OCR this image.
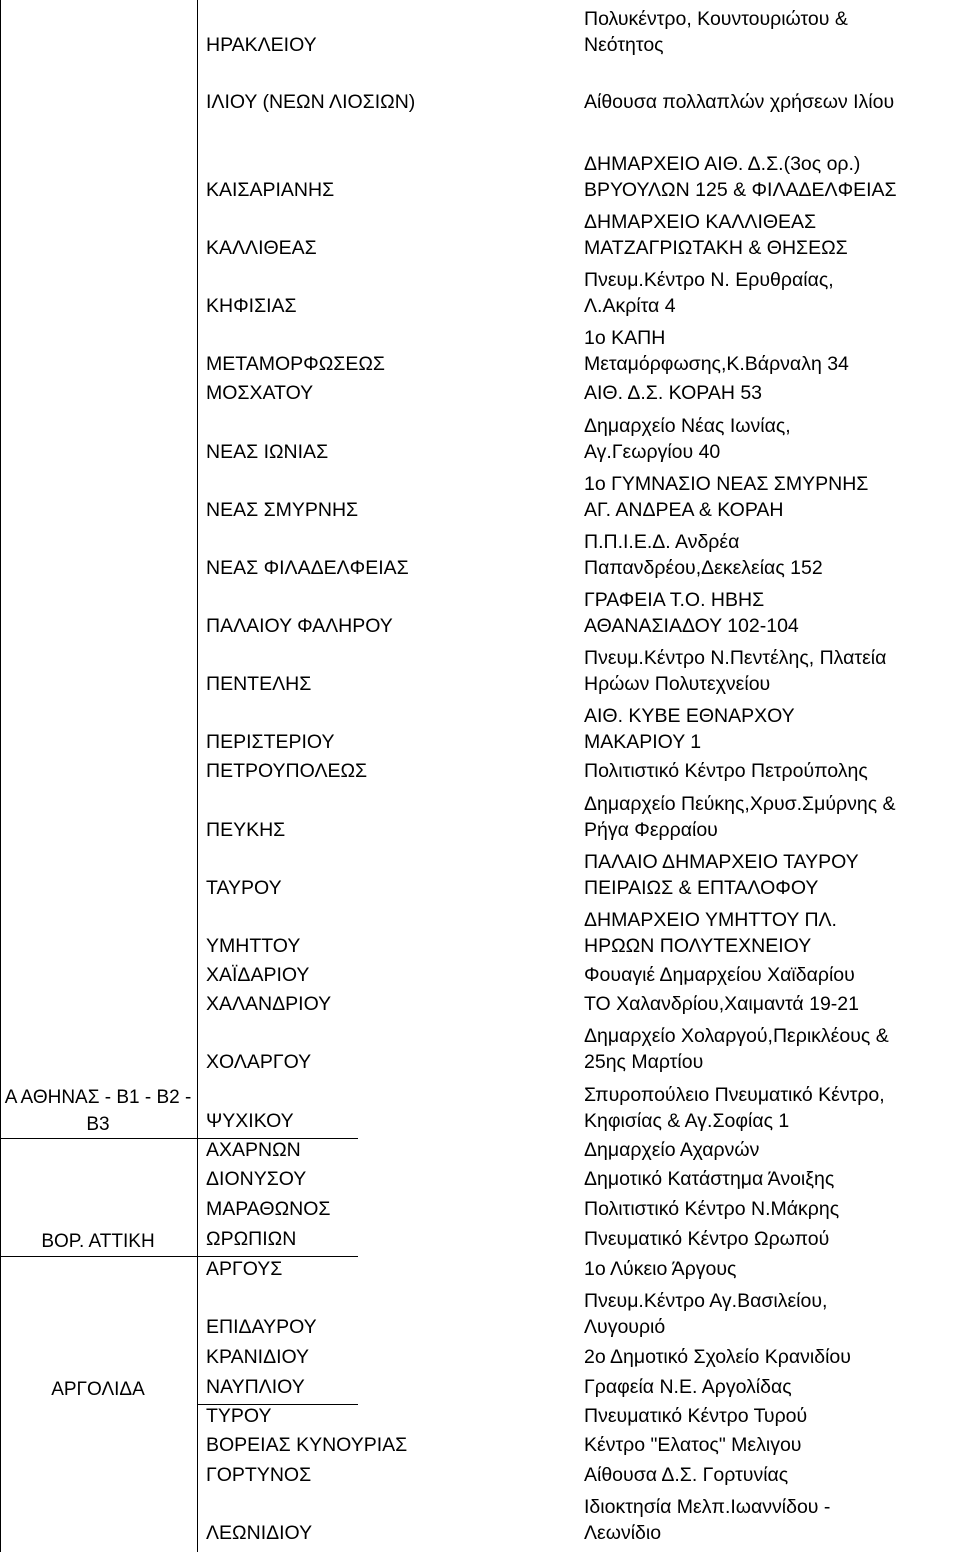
Α ΑΘΗΝΑΣ - Β1 - Β2 - Β3
ΒΟΡ. ΑΤΤΙΚΗ
ΑΡΓΟΛΙΔΑ
ΗΡΑΚΛΕΙΟΥ
ΙΛΙΟΥ (ΝΕΩΝ ΛΙΟΣΙΩΝ)
ΚΑΙΣΑΡΙΑΝΗΣ
ΚΑΛΛΙΘΕΑΣ
ΚΗΦΙΣΙΑΣ
ΜΕΤΑΜΟΡΦΩΣΕΩΣ
ΜΟΣΧΑΤΟΥ
ΝΕΑΣ ΙΩΝΙΑΣ
ΝΕΑΣ ΣΜΥΡΝΗΣ
ΝΕΑΣ ΦΙΛΑΔΕΛΦΕΙΑΣ
ΠΑΛΑΙΟΥ ΦΑΛΗΡΟΥ
ΠΕΝΤΕΛΗΣ
ΠΕΡΙΣΤΕΡΙΟΥ
ΠΕΤΡΟΥΠΟΛΕΩΣ
ΠΕΥΚΗΣ
ΤΑΥΡΟΥ
ΥΜΗΤΤΟΥ
ΧΑΪΔΑΡΙΟΥ
ΧΑΛΑΝΔΡΙΟΥ
ΧΟΛΑΡΓΟΥ
ΨΥΧΙΚΟΥ
ΑΧΑΡΝΩΝ
ΔΙΟΝΥΣΟΥ
ΜΑΡΑΘΩΝΟΣ
ΩΡΩΠΙΩΝ
ΑΡΓΟΥΣ
ΕΠΙΔΑΥΡΟΥ
ΚΡΑΝΙΔΙΟΥ
ΝΑΥΠΛΙΟΥ
ΤΥΡΟΥ
ΒΟΡΕΙΑΣ ΚΥΝΟΥΡΙΑΣ
ΓΟΡΤΥΝΟΣ
ΛΕΩΝΙΔΙΟΥ
Πολυκέντρο, Κουντουριώτου &
Νεότητος
Αίθουσα πολλαπλών χρήσεων Ιλίου
ΔΗΜΑΡΧΕΙΟ ΑΙΘ. Δ.Σ.(3ος ορ.)
ΒΡΥΟΥΛΩΝ 125 & ΦΙΛΑΔΕΛΦΕΙΑΣ
ΔΗΜΑΡΧΕΙΟ ΚΑΛΛΙΘΕΑΣ
ΜΑΤΖΑΓΡΙΩΤΑΚΗ & ΘΗΣΕΩΣ
Πνευμ.Κέντρο Ν. Ερυθραίας,
Λ.Ακρίτα 4
1ο ΚΑΠΗ
Μεταμόρφωσης,Κ.Βάρναλη 34
ΑΙΘ. Δ.Σ. ΚΟΡΑΗ 53
Δημαρχείο Νέας Ιωνίας,
Αγ.Γεωργίου 40
1ο ΓΥΜΝΑΣΙΟ ΝΕΑΣ ΣΜΥΡΝΗΣ
ΑΓ. ΑΝΔΡΕΑ & ΚΟΡΑΗ
Π.Π.Ι.Ε.Δ. Ανδρέα
Παπανδρέου,Δεκελείας 152
ΓΡΑΦΕΙΑ Τ.Ο. ΗΒΗΣ
ΑΘΑΝΑΣΙΑΔΟΥ 102-104
Πνευμ.Κέντρο Ν.Πεντέλης, Πλατεία
Ηρώων Πολυτεχνείου
ΑΙΘ. ΚΥΒΕ ΕΘΝΑΡΧΟΥ
ΜΑΚΑΡΙΟΥ 1
Πολιτιστικό Κέντρο Πετρούπολης
Δημαρχείο Πεύκης,Χρυσ.Σμύρνης &
Ρήγα Φερραίου
ΠΑΛΑΙΟ ΔΗΜΑΡΧΕΙΟ ΤΑΥΡΟΥ
ΠΕΙΡΑΙΩΣ & ΕΠΤΑΛΟΦΟΥ
ΔΗΜΑΡΧΕΙΟ ΥΜΗΤΤΟΥ ΠΛ.
ΗΡΩΩΝ ΠΟΛΥΤΕΧΝΕΙΟΥ
Φουαγιέ Δημαρχείου Χαϊδαρίου
ΤΟ Χαλανδρίου,Χαιμαντά 19-21
Δημαρχείο Χολαργού,Περικλέους &
25ης Μαρτίου
Σπυροπούλειο Πνευματικό Κέντρο,
Κηφισίας & Αγ.Σοφίας 1
Δημαρχείο Αχαρνών
Δημοτικό Κατάστημα Άνοιξης
Πολιτιστικό Κέντρο Ν.Μάκρης
Πνευματικό Κέντρο Ωρωπού
1ο Λύκειο Άργους
Πνευμ.Κέντρο Αγ.Βασιλείου,
Λυγουριό
2ο Δημοτικό Σχολείο Κρανιδίου
Γραφεία Ν.Ε. Αργολίδας
Πνευματικό Κέντρο Τυρού
Κέντρο "Ελατος" Μελιγου
Αίθουσα Δ.Σ. Γορτυνίας
Ιδιοκτησία Μελπ.Ιωαννίδου -
Λεωνίδιο
